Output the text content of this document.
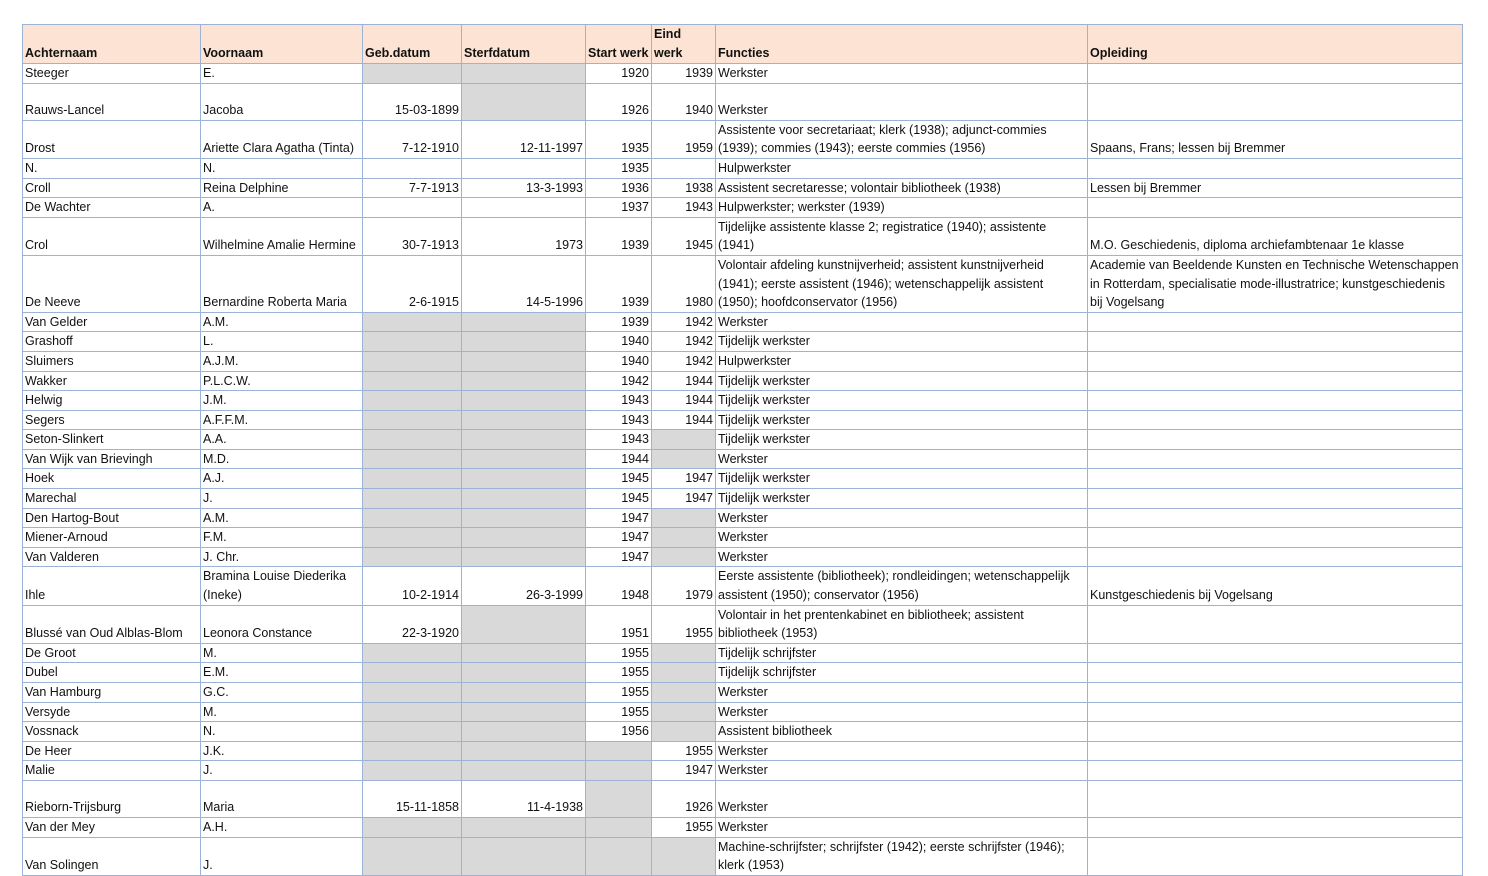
Achternaam	Voornaam	Geb.datum	Sterfdatum	Start werk	Eind werk	Functies	Opleiding
Steeger	E.			1920	1939	Werkster	
Rauws-Lancel	Jacoba	15-03-1899		1926	1940	Werkster	
Drost	Ariette Clara Agatha (Tinta)	7-12-1910	12-11-1997	1935	1959	Assistente voor secretariaat; klerk (1938); adjunct-commies (1939); commies (1943); eerste commies (1956)	Spaans, Frans; lessen bij Bremmer
N.	N.			1935		Hulpwerkster	
Croll	Reina Delphine	7-7-1913	13-3-1993	1936	1938	Assistent secretaresse; volontair bibliotheek (1938)	Lessen bij Bremmer
De Wachter	A.			1937	1943	Hulpwerkster; werkster (1939)	
Crol	Wilhelmine Amalie Hermine	30-7-1913	1973	1939	1945	Tijdelijke assistente klasse 2; registratice (1940); assistente (1941)	M.O. Geschiedenis, diploma archiefambtenaar 1e klasse
De Neeve	Bernardine Roberta Maria	2-6-1915	14-5-1996	1939	1980	Volontair afdeling kunstnijverheid; assistent kunstnijverheid (1941); eerste assistent (1946); wetenschappelijk assistent (1950); hoofdconservator (1956)	Academie van Beeldende Kunsten en Technische Wetenschappen in Rotterdam, specialisatie mode-illustratrice; kunstgeschiedenis bij Vogelsang
Van Gelder	A.M.			1939	1942	Werkster	
Grashoff	L.			1940	1942	Tijdelijk werkster	
Sluimers	A.J.M.			1940	1942	Hulpwerkster	
Wakker	P.L.C.W.			1942	1944	Tijdelijk werkster	
Helwig	J.M.			1943	1944	Tijdelijk werkster	
Segers	A.F.F.M.			1943	1944	Tijdelijk werkster	
Seton-Slinkert	A.A.			1943		Tijdelijk werkster	
Van Wijk van Brievingh	M.D.			1944		Werkster	
Hoek	A.J.			1945	1947	Tijdelijk werkster	
Marechal	J.			1945	1947	Tijdelijk werkster	
Den Hartog-Bout	A.M.			1947		Werkster	
Miener-Arnoud	F.M.			1947		Werkster	
Van Valderen	J. Chr.			1947		Werkster	
Ihle	Bramina Louise Diederika (Ineke)	10-2-1914	26-3-1999	1948	1979	Eerste assistente (bibliotheek); rondleidingen; wetenschappelijk assistent (1950); conservator (1956)	Kunstgeschiedenis bij Vogelsang
Blussé van Oud Alblas-Blom	Leonora Constance	22-3-1920		1951	1955	Volontair in het prentenkabinet en bibliotheek; assistent bibliotheek (1953)	
De Groot	M.			1955		Tijdelijk schrijfster	
Dubel	E.M.			1955		Tijdelijk schrijfster	
Van Hamburg	G.C.			1955		Werkster	
Versyde	M.			1955		Werkster	
Vossnack	N.			1956		Assistent bibliotheek	
De Heer	J.K.				1955	Werkster	
Malie	J.				1947	Werkster	
Rieborn-Trijsburg	Maria	15-11-1858	11-4-1938		1926	Werkster	
Van der Mey	A.H.				1955	Werkster	
Van Solingen	J.					Machine-schrijfster; schrijfster (1942); eerste schrijfster (1946); klerk (1953)	
